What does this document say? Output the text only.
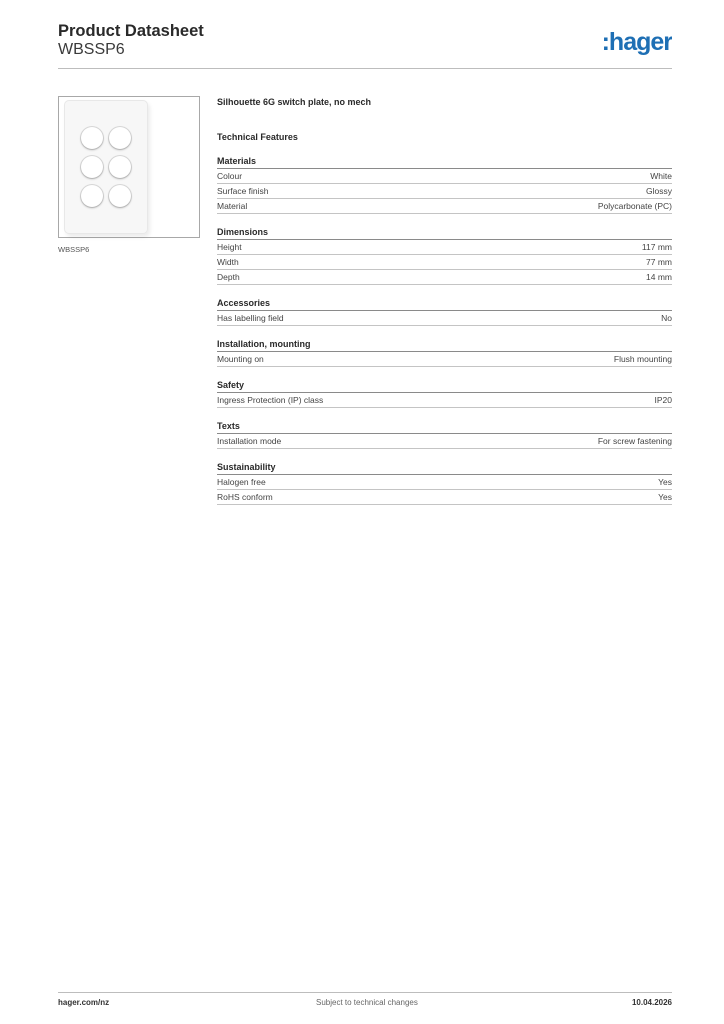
Product Datasheet
WBSSP6	:hager
WBSSP6
Silhouette 6G switch plate, no mech
Technical Features
Materials
Colour	White
Surface finish	Glossy
Material	Polycarbonate (PC)
Dimensions
Height	117 mm
Width	77 mm
Depth	14 mm
Accessories
Has labelling field	No
Installation, mounting
Mounting on	Flush mounting
Safety
Ingress Protection (IP) class	IP20
Texts
Installation mode	For screw fastening
Sustainability
Halogen free	Yes
RoHS conform	Yes
hager.com/nz	Subject to technical changes	10.04.2026
